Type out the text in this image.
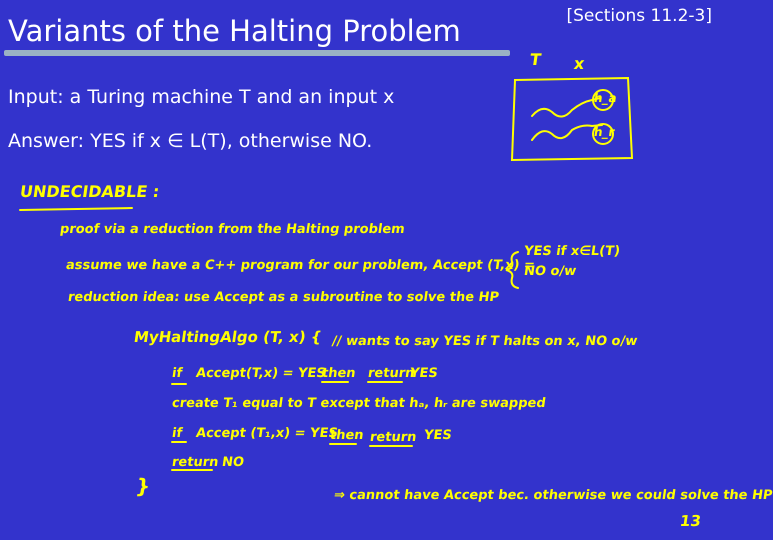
Variants of the Halting Problem	[Sections 11.2-3]
Input: a Turing machine T and an input x
Answer: YES if x ∈ L(T), otherwise NO.
T x
h_a
h_r
UNDECIDABLE :
proof via a reduction from the Halting problem
assume we have a C++ program for our problem, Accept (T,x) =
YES if x∈L(T)
NO o/w
reduction idea: use Accept as a subroutine to solve the HP
MyHaltingAlgo (T, x) { // wants to say YES if T halts on x, NO o/w
if Accept(T,x) = YES
then return
YES
create T₁ equal to T except that hₐ, hᵣ are swapped
if Accept (T₁,x) = YES
then return YES
return NO
}	⇒ cannot have Accept bec. otherwise we could solve the HP
13
